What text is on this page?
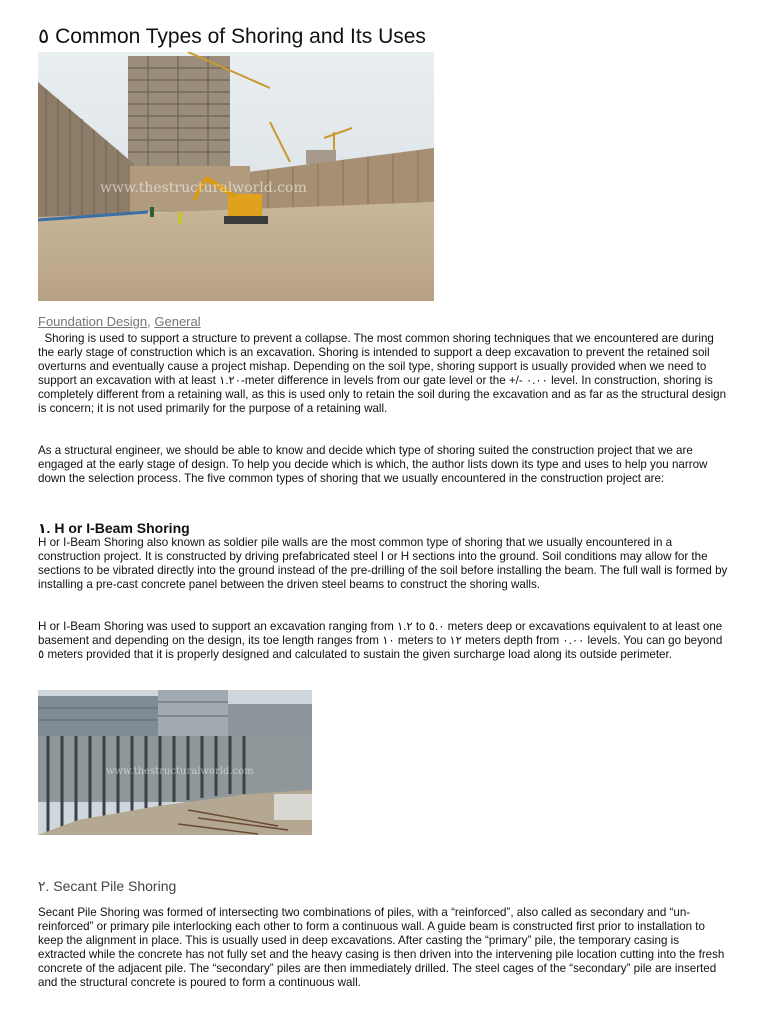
٥ Common Types of Shoring and Its Uses
www.thestructuralworld.com
Foundation Design, General

Shoring is used to support a structure to prevent a collapse. The most common shoring techniques that we encountered are during the early stage of construction which is an excavation. Shoring is intended to support a deep excavation to prevent the retained soil overturns and eventually cause a project mishap. Depending on the soil type, shoring support is usually provided when we need to support an excavation with at least ١.٢٠-meter difference in levels from our gate level or the +/- ٠.٠٠ level. In construction, shoring is completely different from a retaining wall, as this is used only to retain the soil during the excavation and as far as the structural design is concern; it is not used primarily for the purpose of a retaining wall.

As a structural engineer, we should be able to know and decide which type of shoring suited the construction project that we are engaged at the early stage of design. To help you decide which is which, the author lists down its type and uses to help you narrow down the selection process. The five common types of shoring that we usually encountered in the construction project are:

١. H or I-Beam Shoring

H or I-Beam Shoring also known as soldier pile walls are the most common type of shoring that we usually encountered in a construction project. It is constructed by driving prefabricated steel I or H sections into the ground. Soil conditions may allow for the sections to be vibrated directly into the ground instead of the pre-drilling of the soil before installing the beam. The full wall is formed by installing a pre-cast concrete panel between the driven steel beams to construct the shoring walls.

H or I-Beam Shoring was used to support an excavation ranging from ١.٢ to ٥.٠ meters deep or excavations equivalent to at least one basement and depending on the design, its toe length ranges from ١٠ meters to ١٢ meters depth from ٠.٠٠ levels. You can go beyond ٥ meters provided that it is properly designed and calculated to sustain the given surcharge load along its outside perimeter.

www.thestructuralworld.com
٢. Secant Pile Shoring

Secant Pile Shoring was formed of intersecting two combinations of piles, with a “reinforced”, also called as secondary and “un-reinforced” or primary pile interlocking each other to form a continuous wall. A guide beam is constructed first prior to installation to keep the alignment in place. This is usually used in deep excavations. After casting the “primary” pile, the temporary casing is extracted while the concrete has not fully set and the heavy casing is then driven into the intervening pile location cutting into the fresh concrete of the adjacent pile. The “secondary” piles are then immediately drilled. The steel cages of the “secondary” pile are inserted and the structural concrete is poured to form a continuous wall.
